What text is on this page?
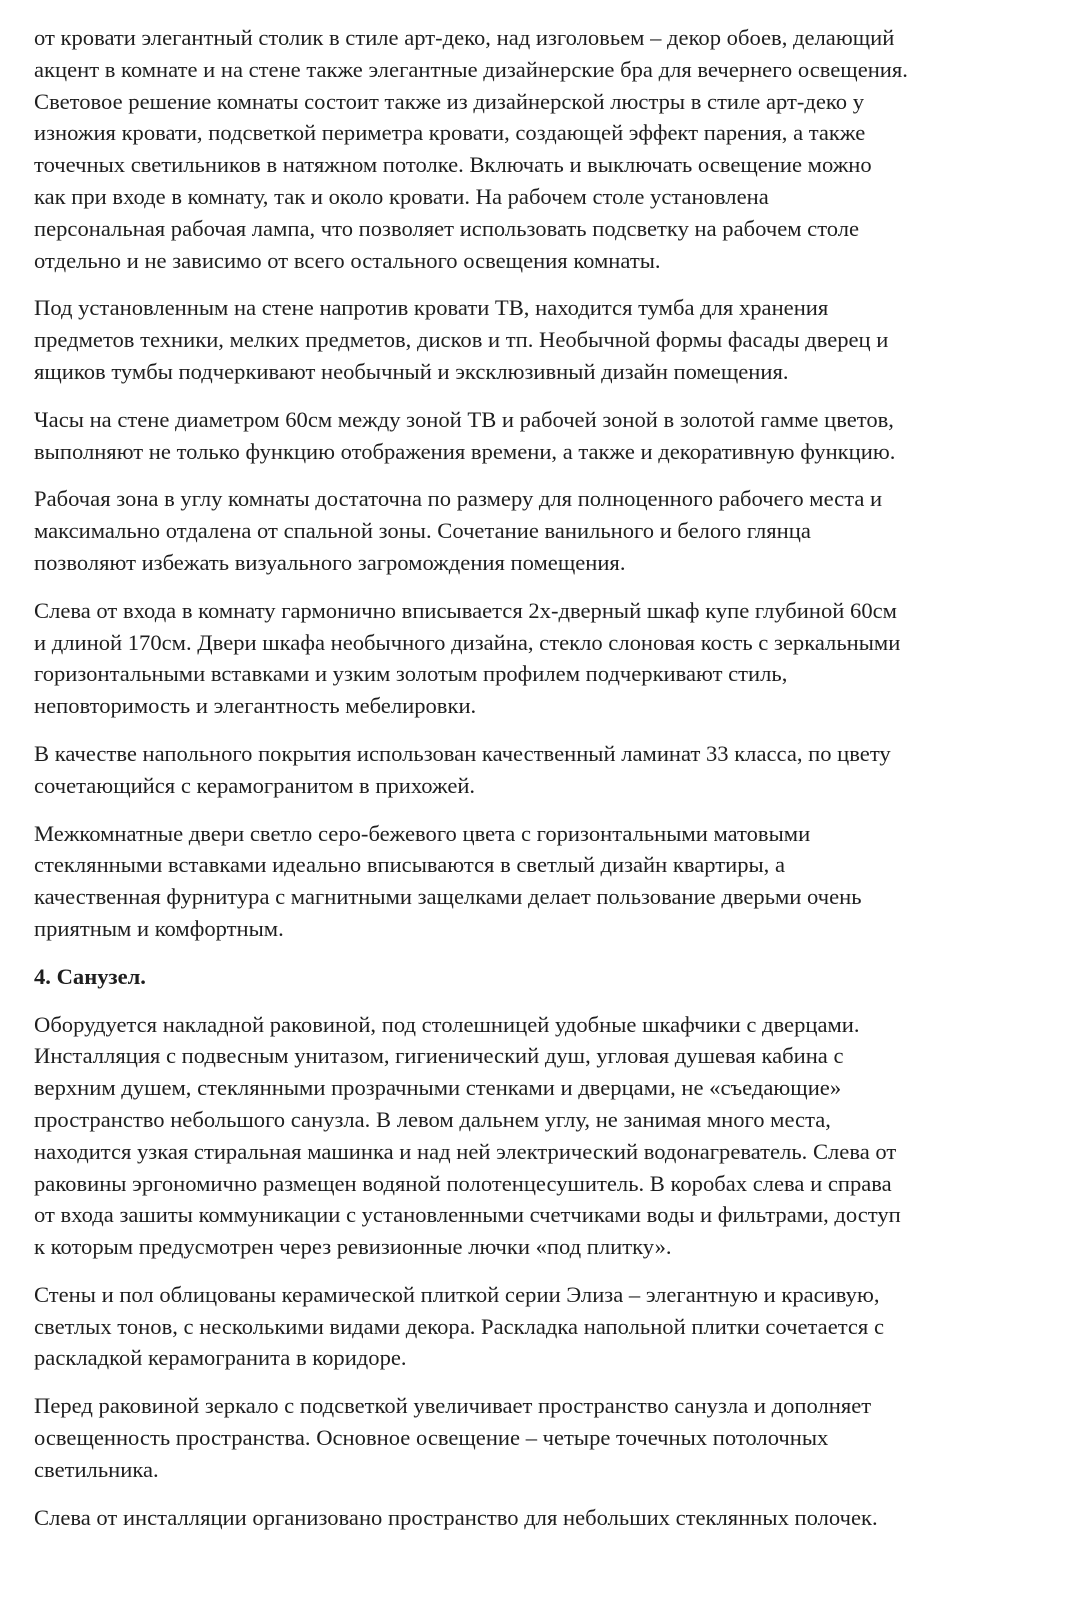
от кровати элегантный столик в стиле арт-деко, над изголовьем – декор обоев, делающий
акцент в комнате и на стене также элегантные дизайнерские бра для вечернего освещения.
Световое решение комнаты состоит также из дизайнерской люстры в стиле арт-деко у
изножия кровати, подсветкой периметра кровати, создающей эффект парения, а также
точечных светильников в натяжном потолке. Включать и выключать освещение можно
как при входе в комнату, так и около кровати. На рабочем столе установлена
персональная рабочая лампа, что позволяет использовать подсветку на рабочем столе
отдельно и не зависимо от всего остального освещения комнаты.

Под установленным на стене напротив кровати ТВ, находится тумба для хранения
предметов техники, мелких предметов, дисков и тп. Необычной формы фасады дверец и
ящиков тумбы подчеркивают необычный и эксклюзивный дизайн помещения.

Часы на стене диаметром 60см между зоной ТВ и рабочей зоной в золотой гамме цветов,
выполняют не только функцию отображения времени, а также и декоративную функцию.

Рабочая зона в углу комнаты достаточна по размеру для полноценного рабочего места и
максимально отдалена от спальной зоны. Сочетание ванильного и белого глянца
позволяют избежать визуального загромождения помещения.

Слева от входа в комнату гармонично вписывается 2х-дверный шкаф купе глубиной 60см
и длиной 170см. Двери шкафа необычного дизайна, стекло слоновая кость с зеркальными
горизонтальными вставками и узким золотым профилем подчеркивают стиль,
неповторимость и элегантность мебелировки.

В качестве напольного покрытия использован качественный ламинат 33 класса, по цвету
сочетающийся с керамогранитом в прихожей.

Межкомнатные двери светло серо-бежевого цвета с горизонтальными матовыми
стеклянными вставками идеально вписываются в светлый дизайн квартиры, а
качественная фурнитура с магнитными защелками делает пользование дверьми очень
приятным и комфортным.

4. Санузел.

Оборудуется накладной раковиной, под столешницей удобные шкафчики с дверцами.
Инсталляция с подвесным унитазом, гигиенический душ, угловая душевая кабина с
верхним душем, стеклянными прозрачными стенками и дверцами, не «съедающие»
пространство небольшого санузла. В левом дальнем углу, не занимая много места,
находится узкая стиральная машинка и над ней электрический водонагреватель. Слева от
раковины эргономично размещен водяной полотенцесушитель. В коробах слева и справа
от входа зашиты коммуникации с установленными счетчиками воды и фильтрами, доступ
к которым предусмотрен через ревизионные лючки «под плитку».

Стены и пол облицованы керамической плиткой серии Элиза – элегантную и красивую,
светлых тонов, с несколькими видами декора. Раскладка напольной плитки сочетается с
раскладкой керамогранита в коридоре.

Перед раковиной зеркало с подсветкой увеличивает пространство санузла и дополняет
освещенность пространства. Основное освещение – четыре точечных потолочных
светильника.

Слева от инсталляции организовано пространство для небольших стеклянных полочек.
